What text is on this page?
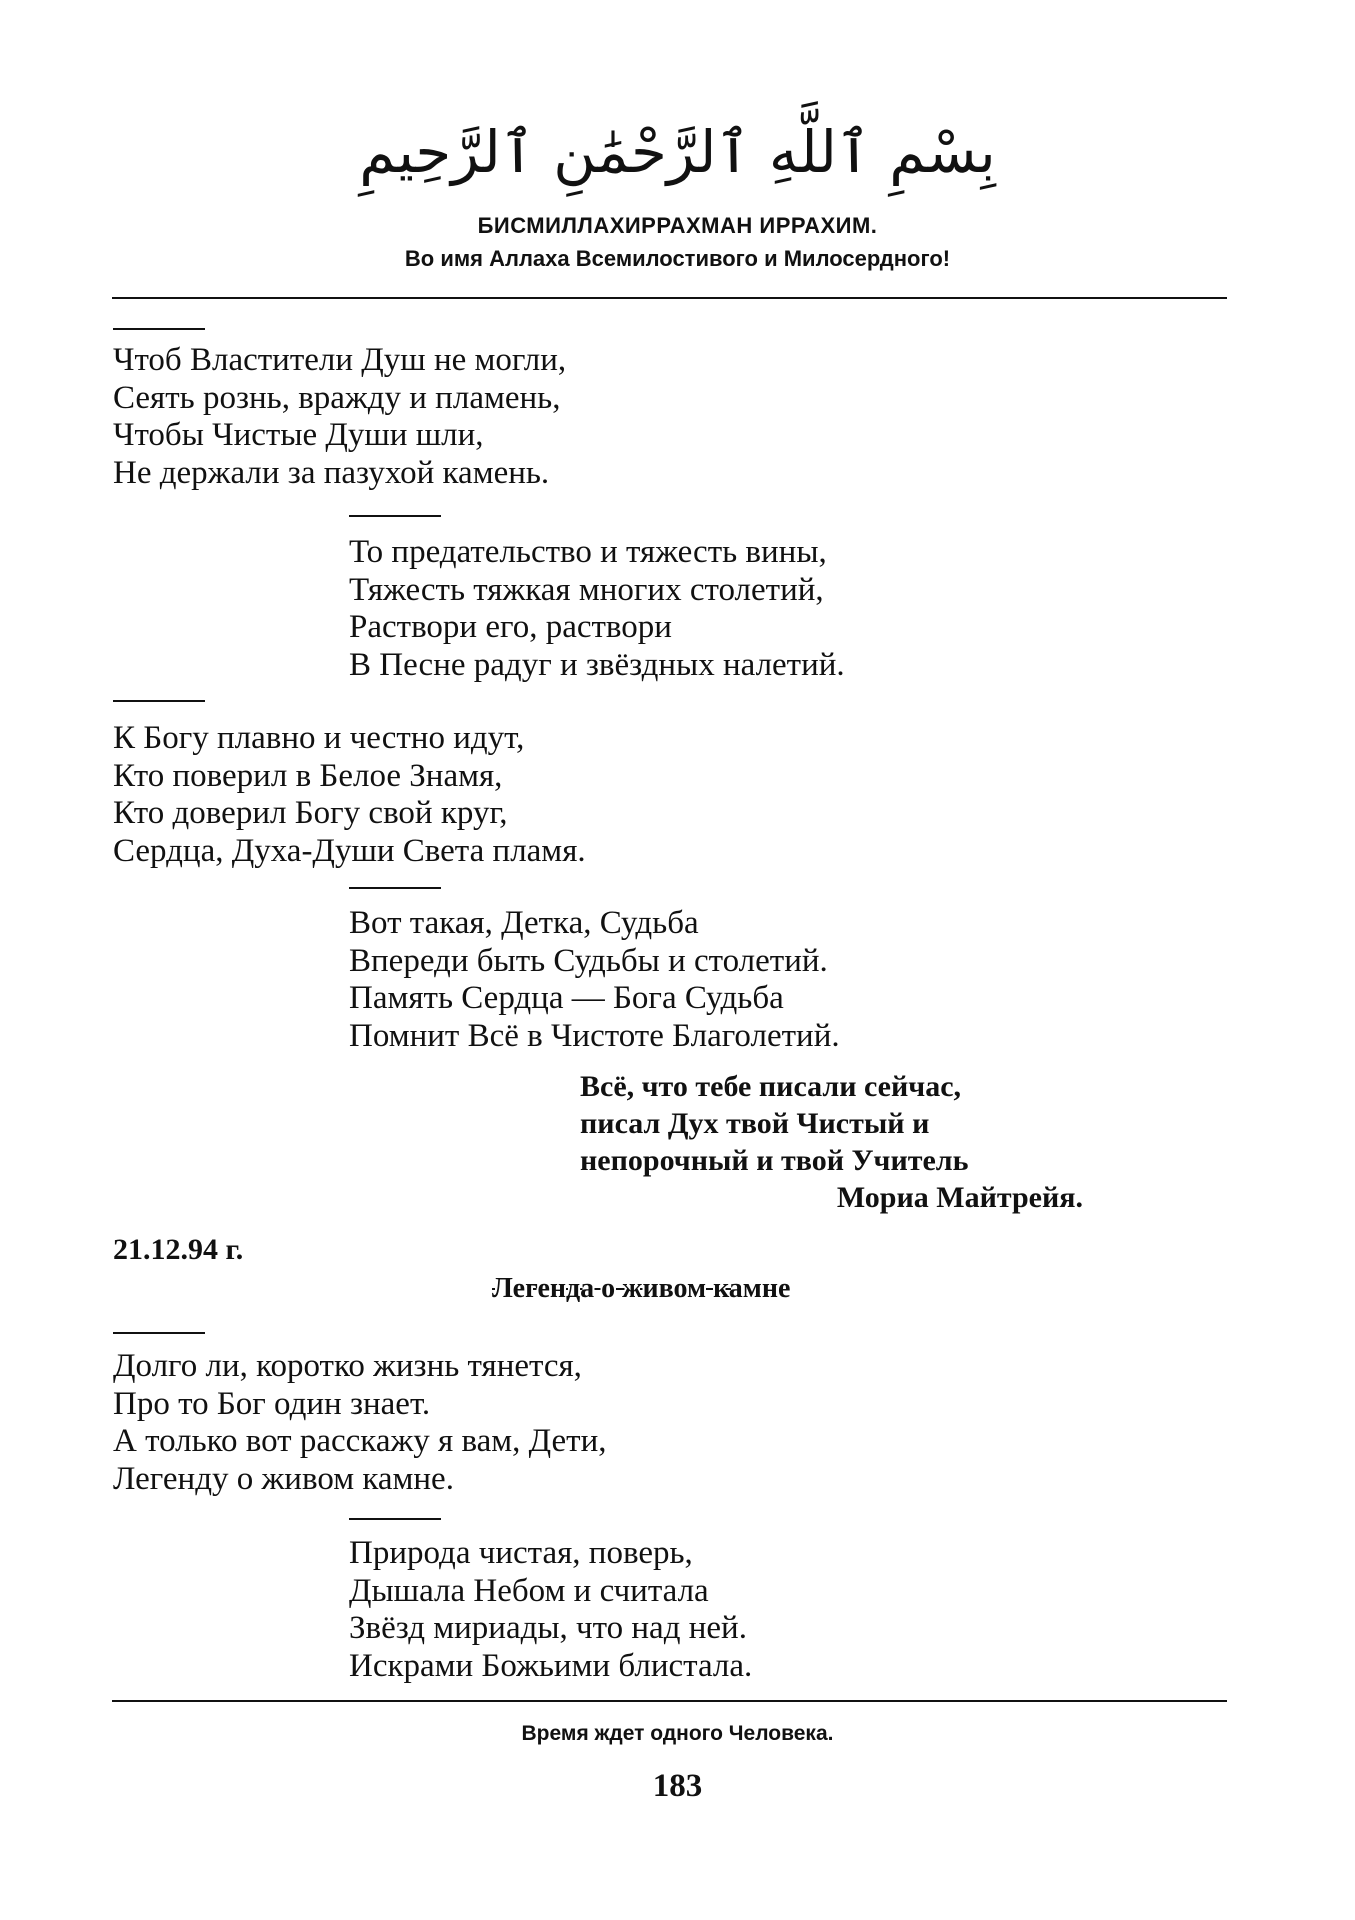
بِسْمِ ٱللَّهِ ٱلرَّحْمَٰنِ ٱلرَّحِيمِ
БИСМИЛЛАХИРРАХМАН ИРРАХИМ.
Во имя Аллаха Всемилостивого и Милосердного!
Чтоб Властители Душ не могли,
Сеять рознь, вражду и пламень,
Чтобы Чистые Души шли,
Не держали за пазухой камень.
То предательство и тяжесть вины,
Тяжесть тяжкая многих столетий,
Раствори его, раствори
В Песне радуг и звёздных налетий.
К Богу плавно и честно идут,
Кто поверил в Белое Знамя,
Кто доверил Богу свой круг,
Сердца, Духа-Души Света пламя.
Вот такая, Детка, Судьба
Впереди быть Судьбы и столетий.
Память Сердца — Бога Судьба
Помнит Всё в Чистоте Благолетий.
Всё, что тебе писали сейчас,
писал Дух твой Чистый и
непорочный и твой Учитель
Мориа Майтрейя.
21.12.94 г.
Легенда о живом камне
Долго ли, коротко жизнь тянется,
Про то Бог один знает.
А только вот расскажу я вам, Дети,
Легенду о живом камне.
Природа чистая, поверь,
Дышала Небом и считала
Звёзд мириады, что над ней.
Искрами Божьими блистала.
Время ждет одного Человека.
183
